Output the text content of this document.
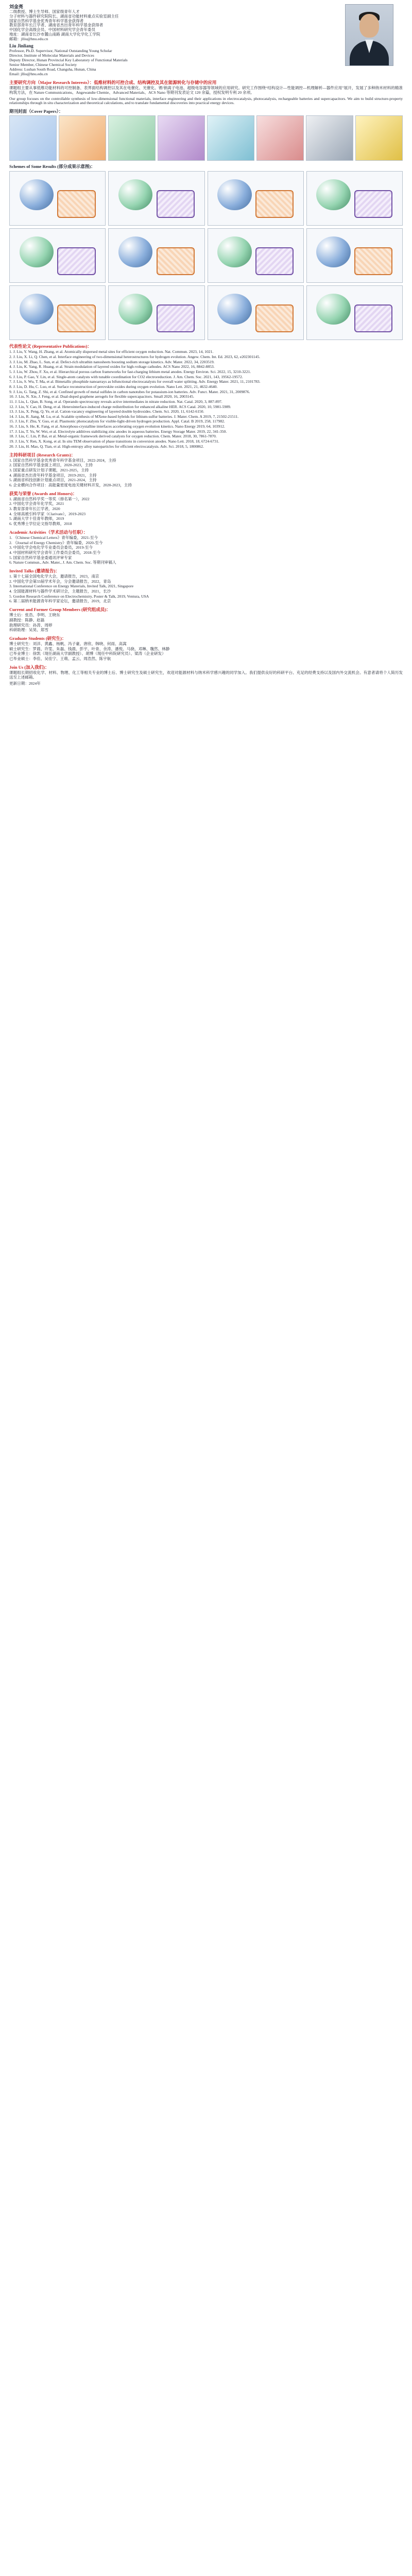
刘金亮

二级教授、博士生导师、国家级青年人才

分子材料与器件研究院院长、湖南省功能材料重点实验室副主任

国家自然科学基金优秀青年科学基金获得者

教育部青年长江学者、湖南省杰出青年科学基金获得者

中国化学会高级会员、中国材料研究学会青年委员

地址：湖南省长沙市麓山南路 湖南大学化学化工学院

邮箱：jlliu@hnu.edu.cn

Liu Jinliang

Professor, Ph.D. Supervisor, National Outstanding Young Scholar

Director, Institute of Molecular Materials and Devices

Deputy Director, Hunan Provincial Key Laboratory of Functional Materials

Senior Member, Chinese Chemical Society

Address: Lushan South Road, Changsha, Hunan, China

Email: jlliu@hnu.edu.cn

主要研究方向（Major Research Interests）：低维材料的可控合成、结构调控及其在能源转化与存储中的应用

课题组主要从事低维功能材料的可控制备、表界面结构调控以及其在电催化、光催化、锂/钠离子电池、超级电容器等领域的应用研究。研究工作围绕“结构设计—性能调控—机理解析—器件应用”展开，发展了多种纳米材料的精准构筑方法，在 Nature Communications、Angewandte Chemie、Advanced Materials、ACS Nano 等期刊发表论文 120 余篇，授权发明专利 20 余项。

Our group focuses on the controllable synthesis of low-dimensional functional materials, interface engineering and their applications in electrocatalysis, photocatalysis, rechargeable batteries and supercapacitors. We aim to build structure-property relationships through in situ characterization and theoretical calculations, and to translate fundamental discoveries into practical energy devices.

期刊封面（Cover Papers）：
Schemes of Some Results (部分成果示意图)：
代表性论文 (Representative Publications)：
1. J. Liu, Y. Wang, H. Zhang, et al. Atomically dispersed metal sites for efficient oxygen reduction. Nat. Commun. 2023, 14, 1021.
2. J. Liu, X. Li, Q. Chen, et al. Interface engineering of two-dimensional heterostructures for hydrogen evolution. Angew. Chem. Int. Ed. 2023, 62, e202301145.
3. J. Liu, M. Zhao, L. Sun, et al. Defect-rich ultrathin nanosheets boosting sodium storage kinetics. Adv. Mater. 2022, 34, 2203519.
4. J. Liu, K. Yang, R. Huang, et al. Strain modulation of layered oxides for high-voltage cathodes. ACS Nano 2022, 16, 8842-8853.
5. J. Liu, W. Zhou, F. Xu, et al. Hierarchical porous carbon frameworks for fast-charging lithium metal anodes. Energy Environ. Sci. 2022, 15, 3210-3221.
6. J. Liu, P. Gao, Y. Lin, et al. Single-atom catalysts with tunable coordination for CO2 electroreduction. J. Am. Chem. Soc. 2021, 143, 19562-19572.
7. J. Liu, S. Wu, T. Ma, et al. Bimetallic phosphide nanoarrays as bifunctional electrocatalysts for overall water splitting. Adv. Energy Mater. 2021, 11, 2101783.
8. J. Liu, D. Hu, C. Luo, et al. Surface reconstruction of perovskite oxides during oxygen evolution. Nano Lett. 2021, 21, 4632-4640.
9. J. Liu, G. Tang, Z. Shi, et al. Confined growth of metal sulfides in carbon nanotubes for potassium-ion batteries. Adv. Funct. Mater. 2021, 31, 2009876.
10. J. Liu, N. Xie, J. Feng, et al. Dual-doped graphene aerogels for flexible supercapacitors. Small 2020, 16, 2003145.
11. J. Liu, L. Qian, B. Song, et al. Operando spectroscopy reveals active intermediates in nitrate reduction. Nat. Catal. 2020, 3, 887-897.
12. J. Liu, Y. Cao, H. Deng, et al. Heterointerface-induced charge redistribution for enhanced alkaline HER. ACS Catal. 2020, 10, 5981-5989.
13. J. Liu, X. Peng, Q. Ye, et al. Cation-vacancy engineering of layered double hydroxides. Chem. Sci. 2020, 11, 6142-6150.
14. J. Liu, R. Jiang, M. Lu, et al. Scalable synthesis of MXene-based hybrids for lithium-sulfur batteries. J. Mater. Chem. A 2019, 7, 21502-21511.
15. J. Liu, F. Zhu, Y. Guo, et al. Plasmonic photocatalysts for visible-light-driven hydrogen production. Appl. Catal. B 2019, 258, 117982.
16. J. Liu, S. He, K. Fang, et al. Amorphous-crystalline interfaces accelerating oxygen evolution kinetics. Nano Energy 2019, 64, 103912.
17. J. Liu, T. Yu, W. Wei, et al. Electrolyte additives stabilizing zinc anodes in aqueous batteries. Energy Storage Mater. 2019, 22, 341-350.
18. J. Liu, C. Lin, P. Bai, et al. Metal-organic framework derived catalysts for oxygen reduction. Chem. Mater. 2018, 30, 7861-7870.
19. J. Liu, Y. Ren, X. Kong, et al. In situ TEM observation of phase transitions in conversion anodes. Nano Lett. 2018, 18, 6724-6731.
20. J. Liu, H. Mao, Q. Tian, et al. High-entropy alloy nanoparticles for efficient electrocatalysis. Adv. Sci. 2018, 5, 1800862.
主持科研项目 (Research Grants)：
1. 国家自然科学基金优秀青年科学基金项目，2022-2024，主持
2. 国家自然科学基金面上项目，2020-2023，主持
3. 国家重点研发计划子课题，2021-2025，主持
4. 湖南省杰出青年科学基金项目，2019-2021，主持
5. 湖南省科技创新计划重点项目，2021-2024，主持
6. 企业横向合作项目：高能量密度电池关键材料开发，2020-2023，主持
获奖与荣誉 (Awards and Honors)：
1. 湖南省自然科学奖一等奖（排名第一），2022
2. 中国化学会青年化学奖，2021
3. 教育部青年长江学者，2020
4. 全球高被引科学家（Clarivate），2019-2023
5. 湖南大学十佳青年教师，2019
6. 优秀博士学位论文指导教师，2018
Academic Activities（学术活动与任职）：
1. 《Chinese Chemical Letters》青年编委，2021-至今
2. 《Journal of Energy Chemistry》青年编委，2020-至今
3. 中国化学会电化学专业委员会委员，2019-至今
4. 中国材料研究学会青年工作委员会委员，2018-至今
5. 国家自然科学基金委通讯评审专家
6. Nature Commun., Adv. Mater., J. Am. Chem. Soc. 等期刊审稿人
Invited Talks (邀请报告)：
1. 第十七届全国电化学大会，邀请报告，2023，南京
2. 中国化学会第33届学术年会，分会邀请报告，2022，青岛
3. International Conference on Energy Materials, Invited Talk, 2021, Singapore
4. 全国能源材料与器件学术研讨会，主题报告，2021，长沙
5. Gordon Research Conference on Electrochemistry, Poster & Talk, 2019, Ventura, USA
6. 第二届纳米能源青年科学家论坛，邀请报告，2019，北京
Current and Former Group Members (研究组成员)：
博士后：张浩、李明、王晓东
副教授：陈静、赵磊
助理研究员：孙涛、周婷
科研助理：吴昊、郑雪
Graduate Students (研究生)：
博士研究生：刘洋、黄鑫、杨帆、冯子豪、唐欣、韩晓、何雨、高嵩
硕士研究生：罗晨、许雯、朱磊、钱晨、彭宇、叶青、余涛、潘悦、马骁、邓琳、魏然、林静
已毕业博士：徐凯（现任湖南大学副教授）、胡博（现任中科院研究员）、梁涛（企业研发）
已毕业硕士：李佳、吴佳宁、王萌、孟云、周浩然、陈宇航
Join Us (加入我们)：

课题组长期招收化学、材料、物理、化工等相关专业的博士后、博士研究生及硕士研究生，欢迎对能源材料与纳米科学感兴趣的同学加入。我们提供良好的科研平台、充足的经费支持以及国内外交流机会。有意者请将个人简历发送至上述邮箱。

更新日期：2024年
